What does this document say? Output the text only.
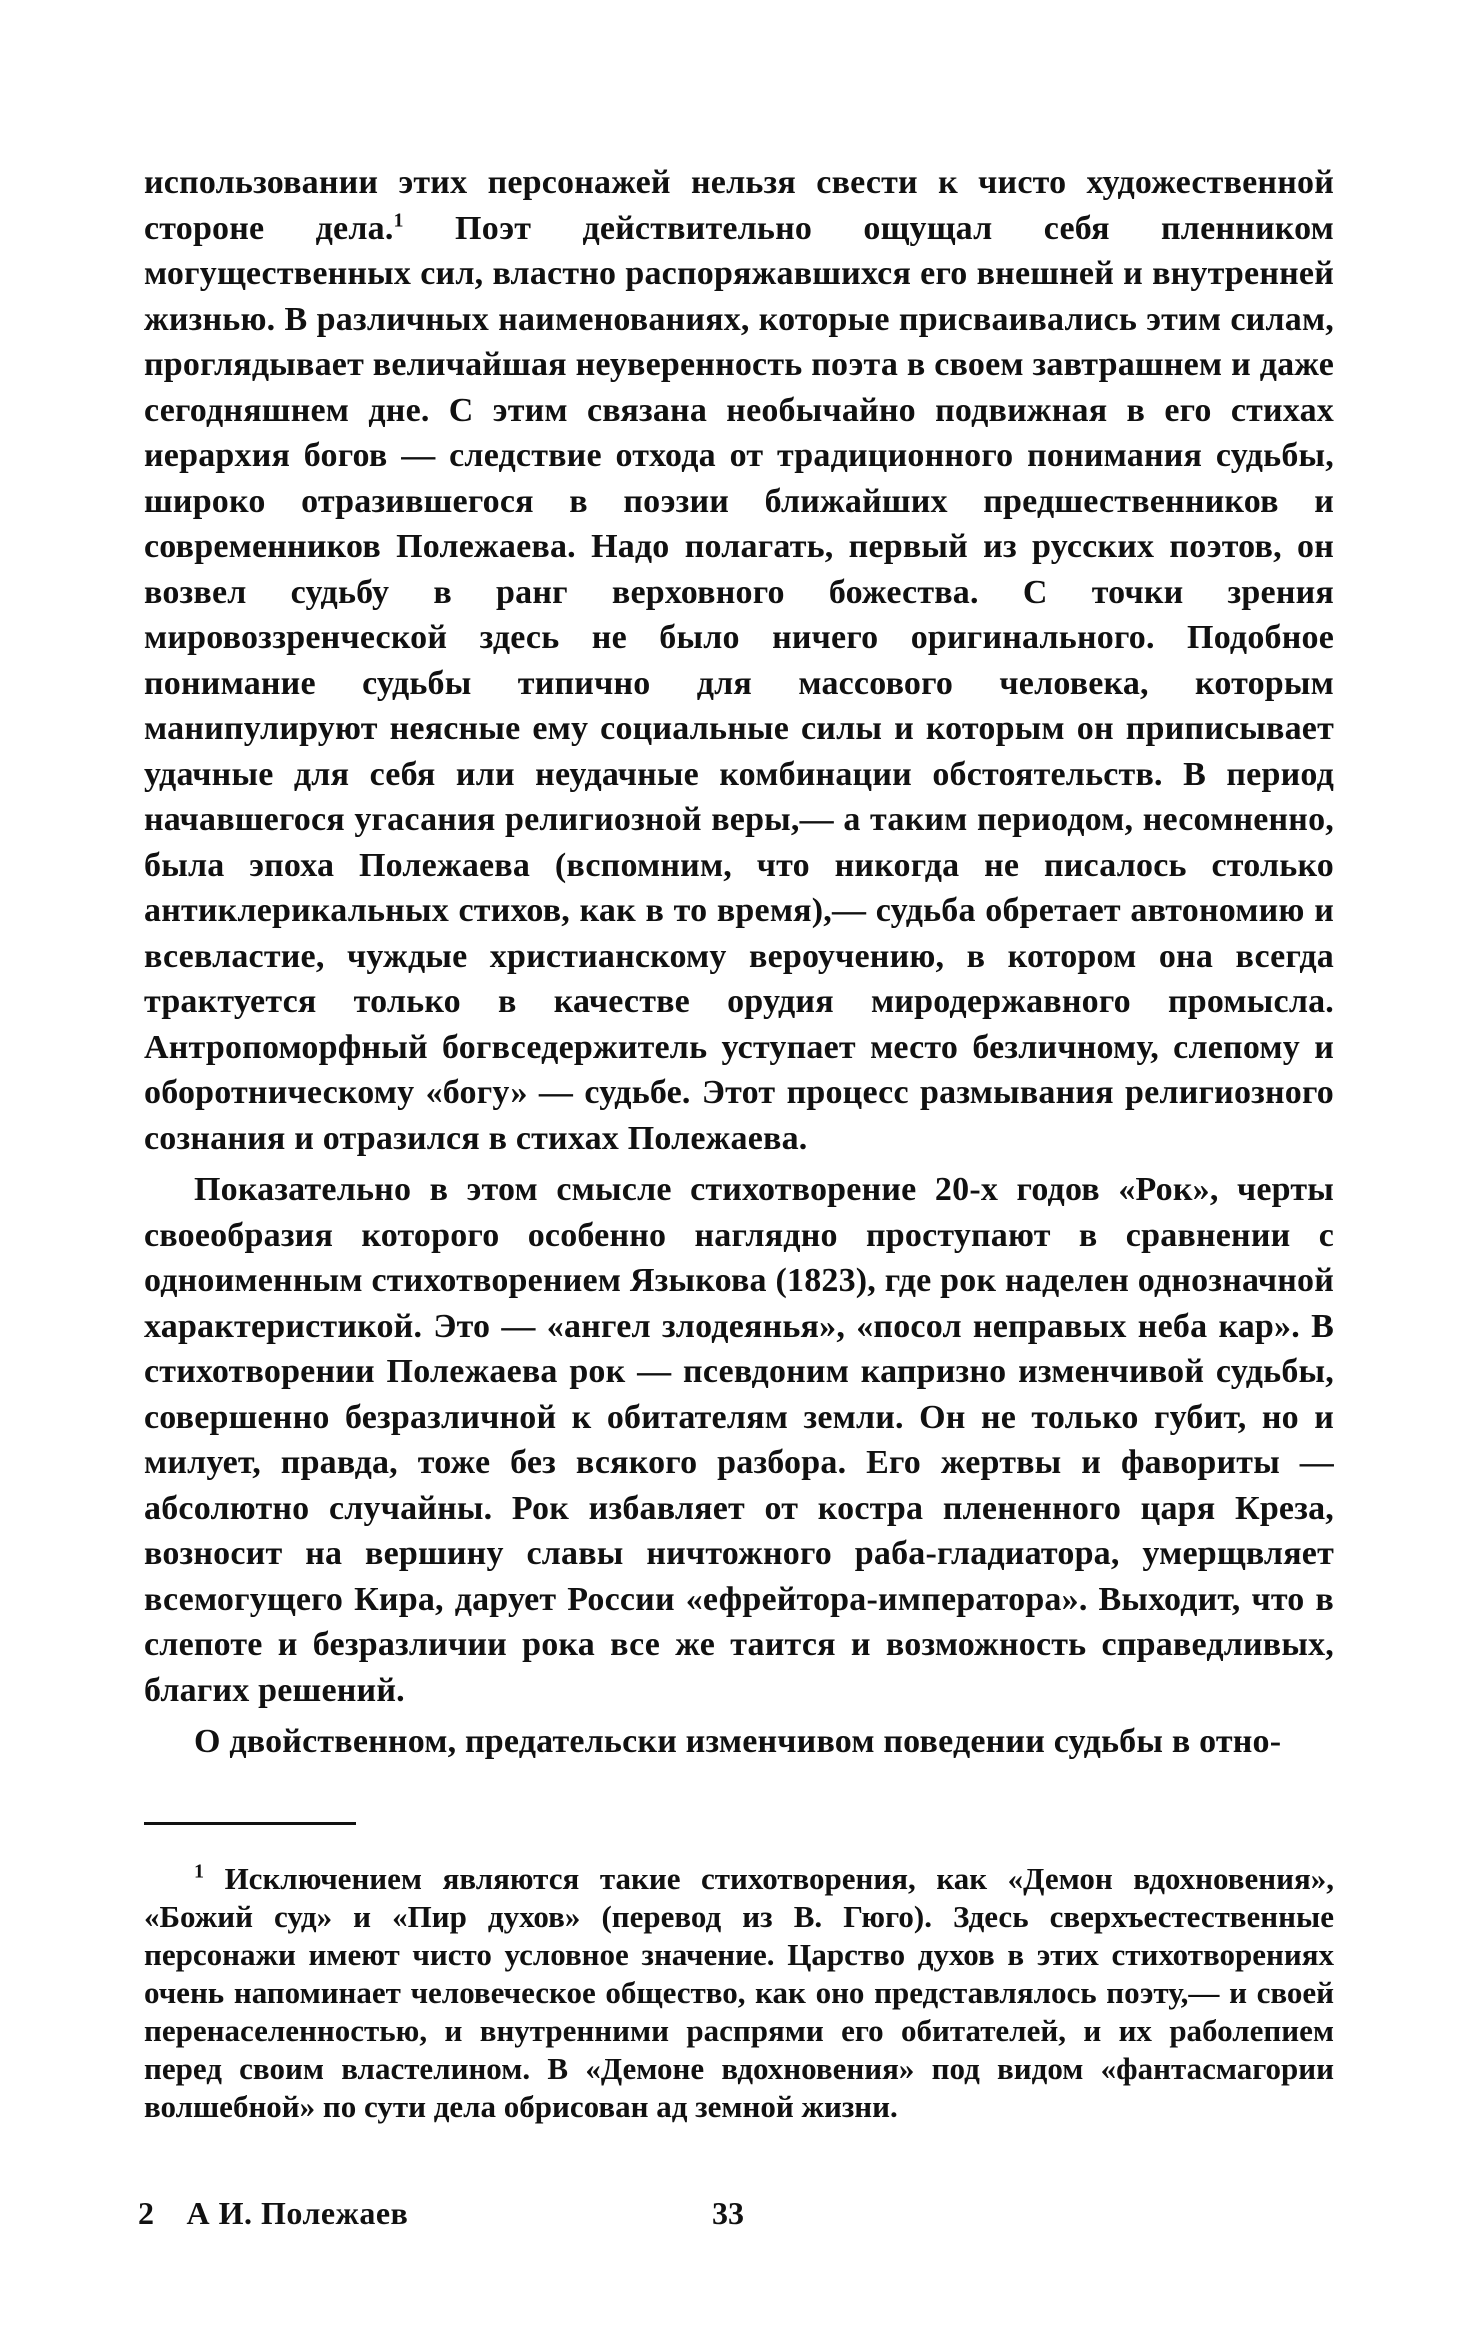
использовании этих персонажей нельзя свести к чисто художественной стороне дела.$^1$ Поэт действительно ощущал себя пленником могущественных сил, властно распоряжавшихся его внешней и внутренней жизнью. В различных наименованиях, которые присваивались этим силам, проглядывает величайшая неуверенность поэта в своем завтрашнем и даже сегодняшнем дне. С этим связана необычайно подвижная в его стихах иерархия богов — следствие отхода от традиционного понимания судьбы, широко отразившегося в поэзии ближайших предшественников и современников Полежаева. Надо полагать, первый из русских поэтов, он возвел судьбу в ранг верховного божества. С точки зрения мировоззренческой здесь не было ничего оригинального. Подобное понимание судьбы типично для массового человека, которым манипулируют неясные ему социальные силы и которым он приписывает удачные для себя или неудачные комбинации обстоятельств. В период начавшегося угасания религиозной веры,— а таким периодом, несомненно, была эпоха Полежаева (вспомним, что никогда не писалось столько антиклерикальных стихов, как в то время),— судьба обретает автономию и всевластие, чуждые христианскому вероучению, в котором она всегда трактуется только в качестве орудия миродержавного промысла. Антропоморфный богвседержитель уступает место безличному, слепому и оборотническому «богу» — судьбе. Этот процесс размывания религиозного сознания и отразился в стихах Полежаева.

Показательно в этом смысле стихотворение 20-х годов «Рок», черты своеобразия которого особенно наглядно проступают в сравнении с одноименным стихотворением Языкова (1823), где рок наделен однозначной характеристикой. Это — «ангел злодеянья», «посол неправых неба кар». В стихотворении Полежаева рок — псевдоним капризно изменчивой судьбы, совершенно безразличной к обитателям земли. Он не только губит, но и милует, правда, тоже без всякого разбора. Его жертвы и фавориты — абсолютно случайны. Рок избавляет от костра плененного царя Креза, возносит на вершину славы ничтожного раба-гладиатора, умерщвляет всемогущего Кира, дарует России «ефрейтора-императора». Выходит, что в слепоте и безразличии рока все же таится и возможность справедливых, благих решений.

О двойственном, предательски изменчивом поведении судьбы в отно-

$^1$ Исключением являются такие стихотворения, как «Демон вдохновения», «Божий суд» и «Пир духов» (перевод из В. Гюго). Здесь сверхъестественные персонажи имеют чисто условное значение. Царство духов в этих стихотворениях очень напоминает человеческое общество, как оно представлялось поэту,— и своей перенаселенностью, и внутренними распрями его обитателей, и их раболепием перед своим властелином. В «Демоне вдохновения» под видом «фантасмагории волшебной» по сути дела обрисован ад земной жизни.

2 А И. Полежаев	33
